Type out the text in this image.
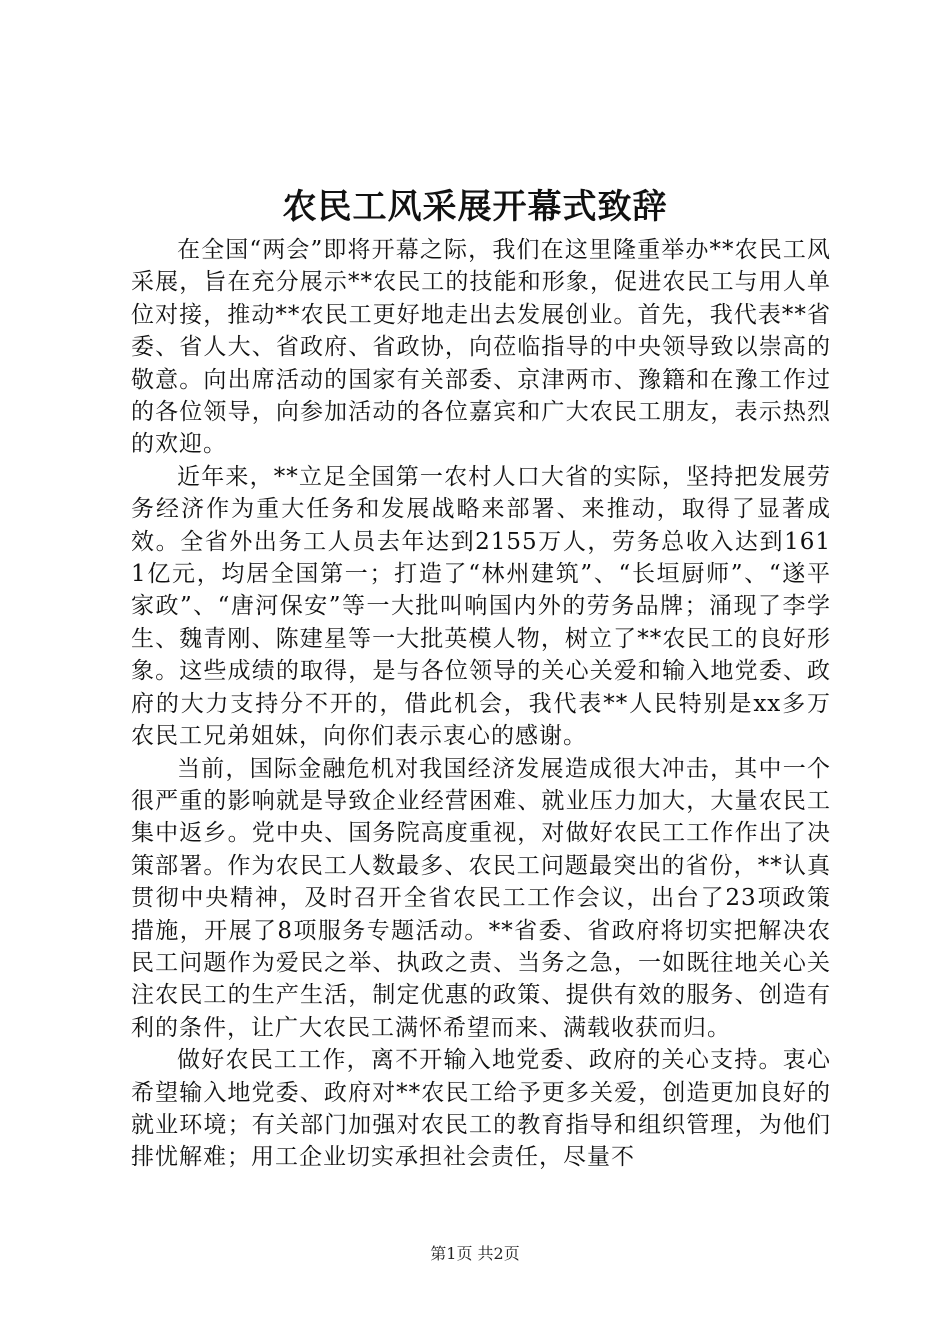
农民工风采展开幕式致辞

在全国“两会”即将开幕之际，我们在这里隆重举办**农民工风采展，旨在充分展示**农民工的技能和形象，促进农民工与用人单位对接，推动**农民工更好地走出去发展创业。首先，我代表**省委、省人大、省政府、省政协，向莅临指导的中央领导致以崇高的敬意。向出席活动的国家有关部委、京津两市、豫籍和在豫工作过的各位领导，向参加活动的各位嘉宾和广大农民工朋友，表示热烈的欢迎。

近年来，**立足全国第一农村人口大省的实际，坚持把发展劳务经济作为重大任务和发展战略来部署、来推动，取得了显著成效。全省外出务工人员去年达到2155万人，劳务总收入达到1611亿元，均居全国第一；打造了“林州建筑”、“长垣厨师”、“遂平家政”、“唐河保安”等一大批叫响国内外的劳务品牌；涌现了李学生、魏青刚、陈建星等一大批英模人物，树立了**农民工的良好形象。这些成绩的取得，是与各位领导的关心关爱和输入地党委、政府的大力支持分不开的，借此机会，我代表**人民特别是xx多万农民工兄弟姐妹，向你们表示衷心的感谢。

当前，国际金融危机对我国经济发展造成很大冲击，其中一个很严重的影响就是导致企业经营困难、就业压力加大，大量农民工集中返乡。党中央、国务院高度重视，对做好农民工工作作出了决策部署。作为农民工人数最多、农民工问题最突出的省份，**认真贯彻中央精神，及时召开全省农民工工作会议，出台了23项政策措施，开展了8项服务专题活动。**省委、省政府将切实把解决农民工问题作为爱民之举、执政之责、当务之急，一如既往地关心关注农民工的生产生活，制定优惠的政策、提供有效的服务、创造有利的条件，让广大农民工满怀希望而来、满载收获而归。

做好农民工工作，离不开输入地党委、政府的关心支持。衷心希望输入地党委、政府对**农民工给予更多关爱，创造更加良好的就业环境；有关部门加强对农民工的教育指导和组织管理，为他们排忧解难；用工企业切实承担社会责任，尽量不

第1页 共2页
